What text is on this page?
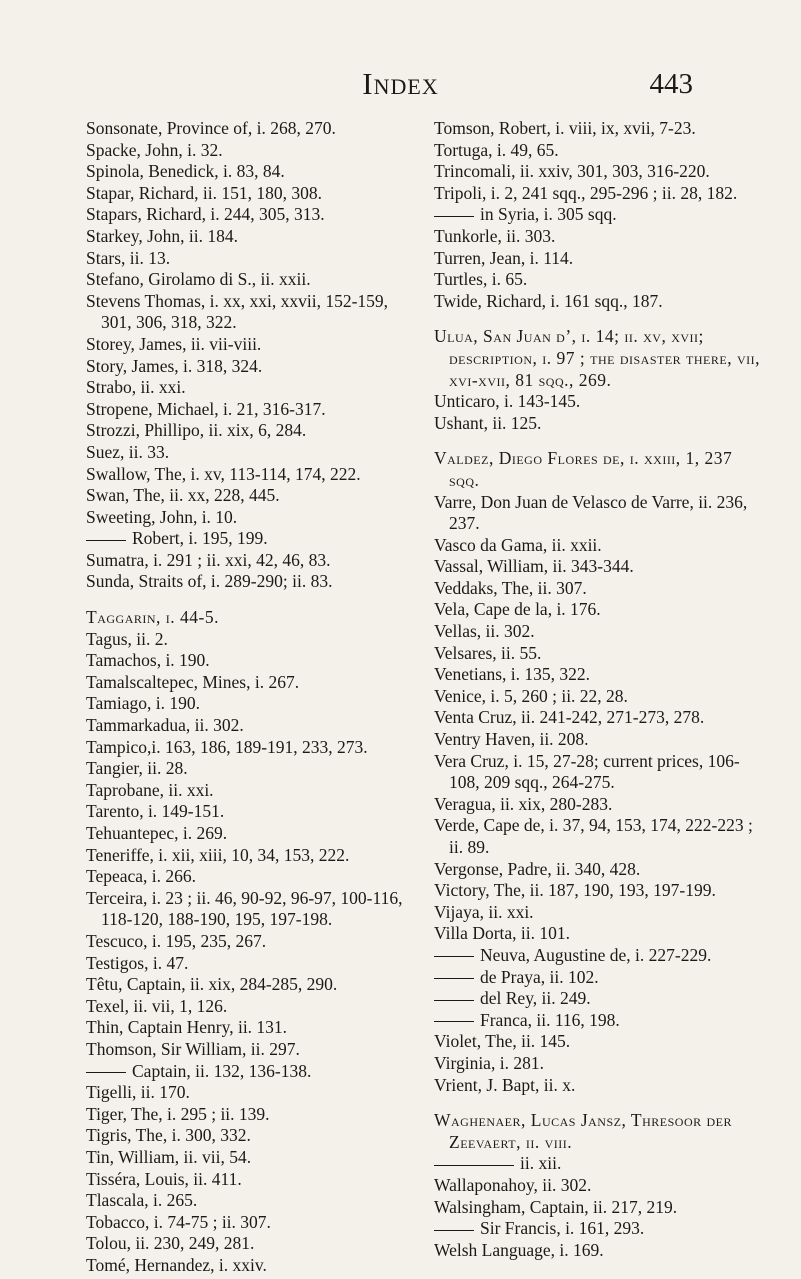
Index	443

Sonsonate, Province of, i. 268, 270.

Spacke, John, i. 32.

Spinola, Benedick, i. 83, 84.

Stapar, Richard, ii. 151, 180, 308.

Stapars, Richard, i. 244, 305, 313.

Starkey, John, ii. 184.

Stars, ii. 13.

Stefano, Girolamo di S., ii. xxii.

Stevens Thomas, i. xx, xxi, xxvii, 152-159, 301, 306, 318, 322.

Storey, James, ii. vii-viii.

Story, James, i. 318, 324.

Strabo, ii. xxi.

Stropene, Michael, i. 21, 316-317.

Strozzi, Phillipo, ii. xix, 6, 284.

Suez, ii. 33.

Swallow, The, i. xv, 113-114, 174, 222.

Swan, The, ii. xx, 228, 445.

Sweeting, John, i. 10.

Robert, i. 195, 199.

Sumatra, i. 291 ; ii. xxi, 42, 46, 83.

Sunda, Straits of, i. 289-290; ii. 83.

Taggarin, i. 44-5.

Tagus, ii. 2.

Tamachos, i. 190.

Tamalscaltepec, Mines, i. 267.

Tamiago, i. 190.

Tammarkadua, ii. 302.

Tampico,i. 163, 186, 189-191, 233, 273.

Tangier, ii. 28.

Taprobane, ii. xxi.

Tarento, i. 149-151.

Tehuantepec, i. 269.

Teneriffe, i. xii, xiii, 10, 34, 153, 222.

Tepeaca, i. 266.

Terceira, i. 23 ; ii. 46, 90-92, 96-97, 100-116, 118-120, 188-190, 195, 197-198.

Tescuco, i. 195, 235, 267.

Testigos, i. 47.

Têtu, Captain, ii. xix, 284-285, 290.

Texel, ii. vii, 1, 126.

Thin, Captain Henry, ii. 131.

Thomson, Sir William, ii. 297.

Captain, ii. 132, 136-138.

Tigelli, ii. 170.

Tiger, The, i. 295 ; ii. 139.

Tigris, The, i. 300, 332.

Tin, William, ii. vii, 54.

Tisséra, Louis, ii. 411.

Tlascala, i. 265.

Tobacco, i. 74-75 ; ii. 307.

Tolou, ii. 230, 249, 281.

Tomé, Hernandez, i. xxiv.

Tomson, Robert, i. viii, ix, xvii, 7-23.

Tortuga, i. 49, 65.

Trincomali, ii. xxiv, 301, 303, 316-220.

Tripoli, i. 2, 241 sqq., 295-296 ; ii. 28, 182.

in Syria, i. 305 sqq.

Tunkorle, ii. 303.

Turren, Jean, i. 114.

Turtles, i. 65.

Twide, Richard, i. 161 sqq., 187.

Ulua, San Juan d’, i. 14; ii. xv, xvii; description, i. 97 ; the disaster there, vii, xvi-xvii, 81 sqq., 269.

Unticaro, i. 143-145.

Ushant, ii. 125.

Valdez, Diego Flores de, i. xxiii, 1, 237 sqq.

Varre, Don Juan de Velasco de Varre, ii. 236, 237.

Vasco da Gama, ii. xxii.

Vassal, William, ii. 343-344.

Veddaks, The, ii. 307.

Vela, Cape de la, i. 176.

Vellas, ii. 302.

Velsares, ii. 55.

Venetians, i. 135, 322.

Venice, i. 5, 260 ; ii. 22, 28.

Venta Cruz, ii. 241-242, 271-273, 278.

Ventry Haven, ii. 208.

Vera Cruz, i. 15, 27-28; current prices, 106-108, 209 sqq., 264-275.

Veragua, ii. xix, 280-283.

Verde, Cape de, i. 37, 94, 153, 174, 222-223 ; ii. 89.

Vergonse, Padre, ii. 340, 428.

Victory, The, ii. 187, 190, 193, 197-199.

Vijaya, ii. xxi.

Villa Dorta, ii. 101.

Neuva, Augustine de, i. 227-229.

de Praya, ii. 102.

del Rey, ii. 249.

Franca, ii. 116, 198.

Violet, The, ii. 145.

Virginia, i. 281.

Vrient, J. Bapt, ii. x.

Waghenaer, Lucas Jansz, Thresoor der Zeevaert, ii. viii.

ii. xii.

Wallaponahoy, ii. 302.

Walsingham, Captain, ii. 217, 219.

Sir Francis, i. 161, 293.

Welsh Language, i. 169.
